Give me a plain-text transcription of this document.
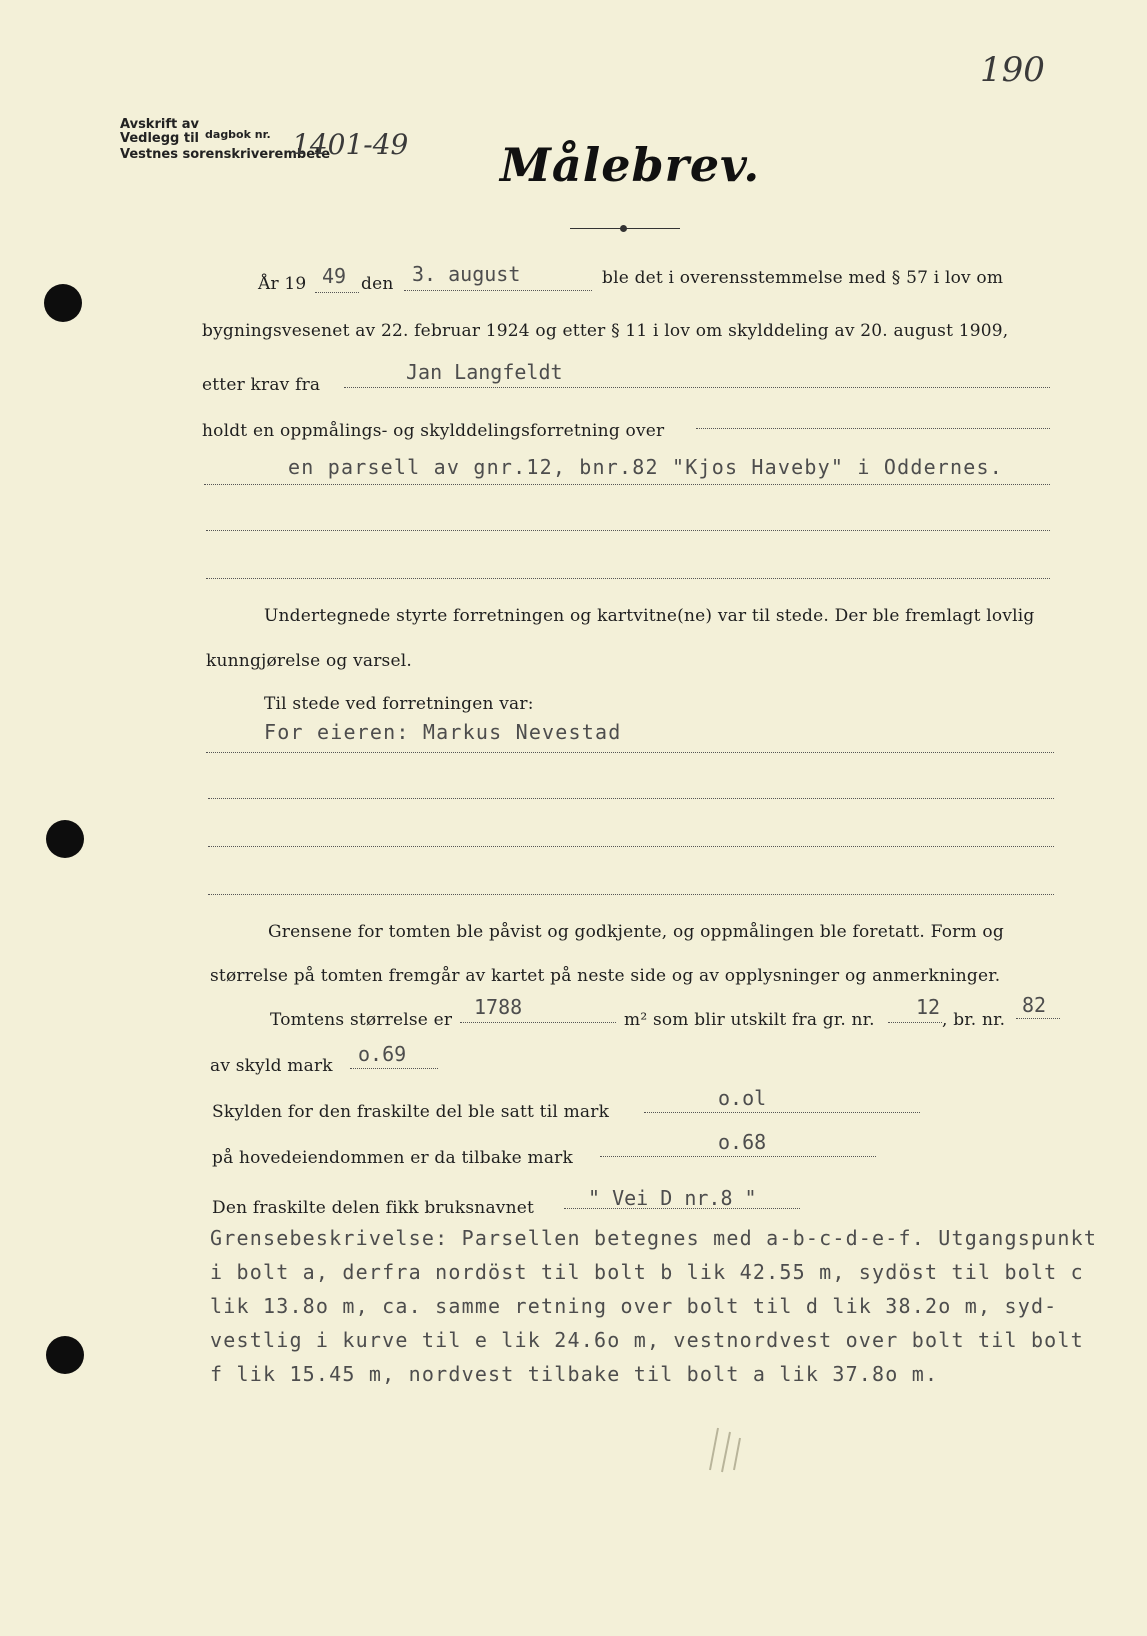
190
Avskrift av
Vedlegg til dagbok nr.
Vestnes sorenskriverembete
1401-49 Målebrev.
År 19 49 den 3. august	ble det i overensstemmelse med § 57 i lov om
bygningsvesenet av 22. februar 1924 og etter § 11 i lov om skylddeling av 20. august 1909,
etter krav fra
Jan Langfeldt
holdt en oppmålings- og skylddelingsforretning over
en parsell av gnr.12, bnr.82 "Kjos Haveby" i Oddernes.
Undertegnede styrte forretningen og kartvitne(ne) var til stede. Der ble fremlagt lovlig
kunngjørelse og varsel.
Til stede ved forretningen var:
For eieren: Markus Nevestad
Grensene for tomten ble påvist og godkjente, og oppmålingen ble foretatt. Form og
størrelse på tomten fremgår av kartet på neste side og av opplysninger og anmerkninger.
Tomtens størrelse er
1788
m² som blir utskilt fra gr. nr.
12
, br. nr.
82
av skyld mark o.69
Skylden for den fraskilte del ble satt til mark
o.ol
på hovedeiendommen er da tilbake mark
o.68
Den fraskilte delen fikk bruksnavnet	" Vei D nr.8 "
Grensebeskrivelse: Parsellen betegnes med a-b-c-d-e-f. Utgangspunkt
i bolt a, derfra nordöst til bolt b lik 42.55 m, sydöst til bolt c
lik 13.8o m, ca. samme retning over bolt til d lik 38.2o m, syd-
vestlig i kurve til e lik 24.6o m, vestnordvest over bolt til bolt
f lik 15.45 m, nordvest tilbake til bolt a lik 37.8o m.
